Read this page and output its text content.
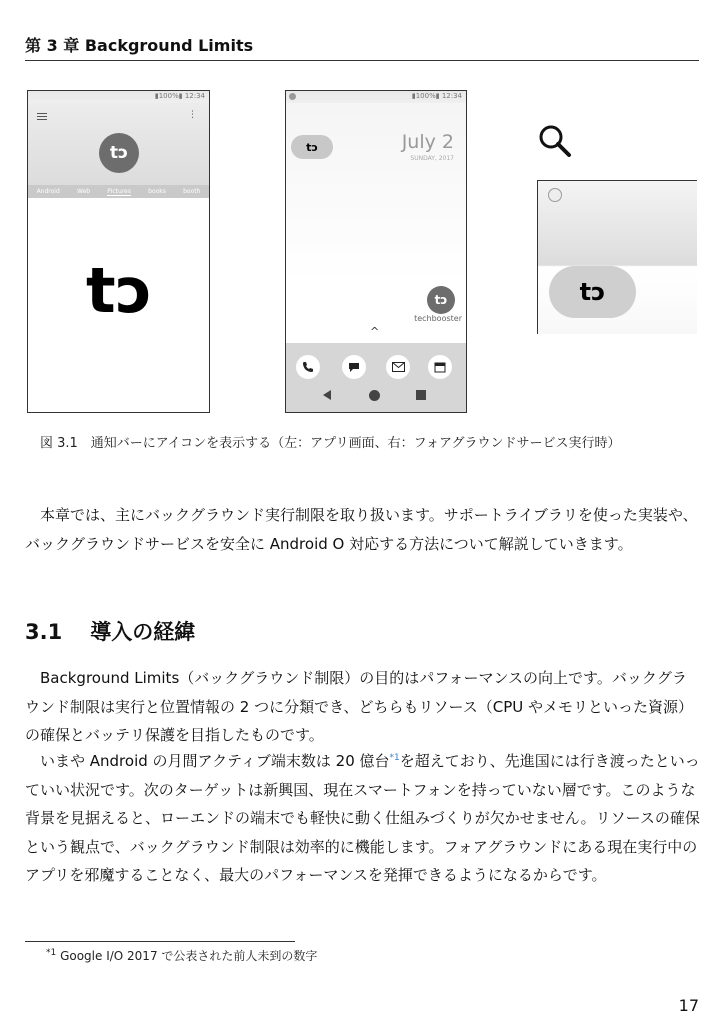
第 3 章 Background Limits
▮100%▮ 12:34
⋮
tↄ
Android	Web	Pictures	books	booth
tↄ
▮100%▮ 12:34
tↄ	July 2
SUNDAY, 2017
tↄ
techbooster
^
tↄ
図 3.1　通知バーにアイコンを表示する（左：アプリ画面、右：フォアグラウンドサービス実行時）
本章では、主にバックグラウンド実行制限を取り扱います。サポートライブラリを使った実装や、バックグラウンドサービスを安全に Android O 対応する方法について解説していきます。
3.1 導入の経緯
Background Limits（バックグラウンド制限）の目的はパフォーマンスの向上です。バックグラウンド制限は実行と位置情報の 2 つに分類でき、どちらもリソース（CPU やメモリといった資源）の確保とバッテリ保護を目指したものです。
いまや Android の月間アクティブ端末数は 20 億台$^{*1}$を超えており、先進国には行き渡ったといっていい状況です。次のターゲットは新興国、現在スマートフォンを持っていない層です。このような背景を見据えると、ローエンドの端末でも軽快に動く仕組みづくりが欠かせません。リソースの確保という観点で、バックグラウンド制限は効率的に機能します。フォアグラウンドにある現在実行中のアプリを邪魔することなく、最大のパフォーマンスを発揮できるようになるからです。
$^{*1}$ Google I/O 2017 で公表された前人未到の数字
17
